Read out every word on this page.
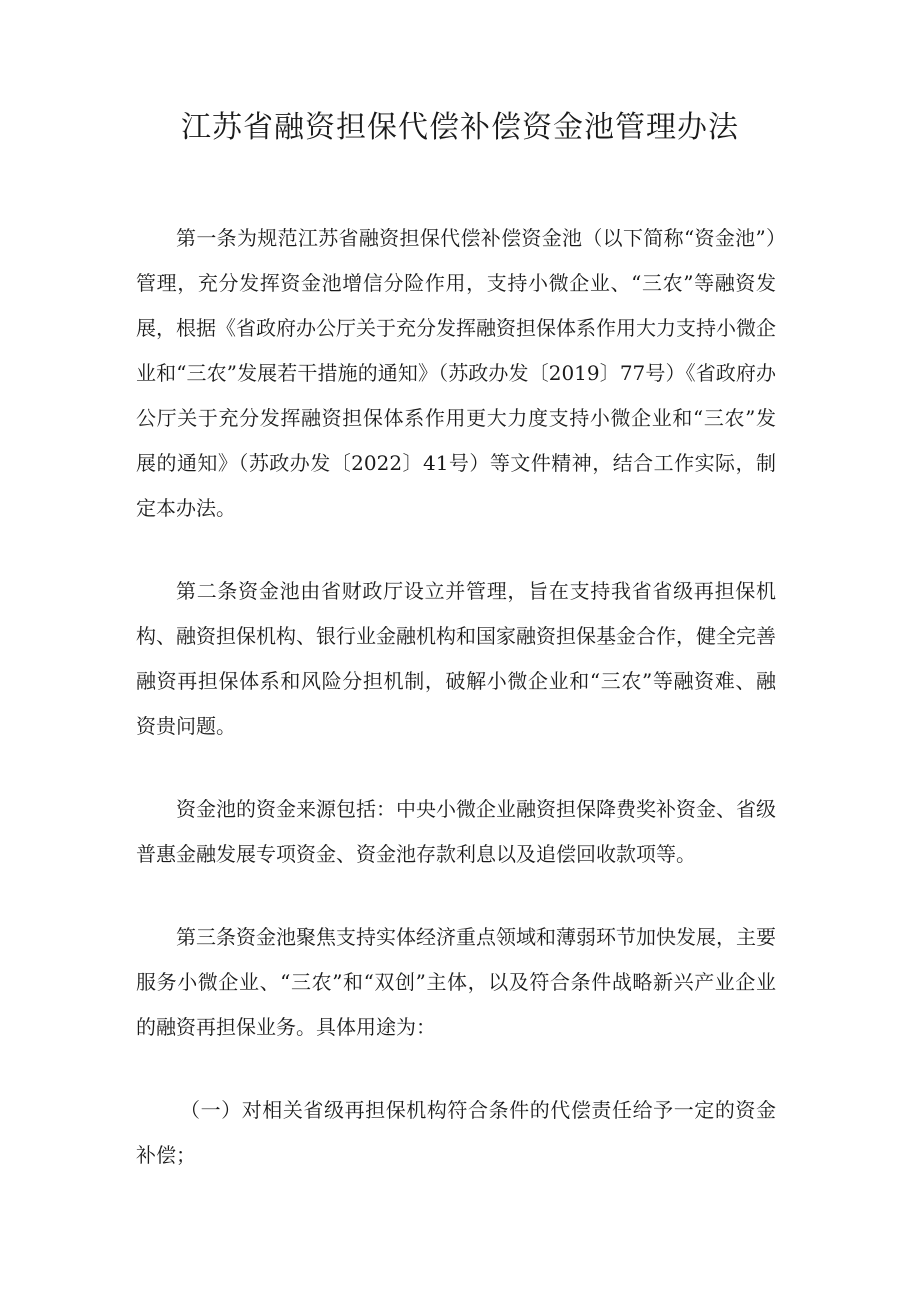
江苏省融资担保代偿补偿资金池管理办法

第一条为规范江苏省融资担保代偿补偿资金池（以下简称“资金池”）管理，充分发挥资金池增信分险作用，支持小微企业、“三农”等融资发展，根据《省政府办公厅关于充分发挥融资担保体系作用大力支持小微企业和“三农”发展若干措施的通知》（苏政办发〔2019〕77号）《省政府办公厅关于充分发挥融资担保体系作用更大力度支持小微企业和“三农”发展的通知》（苏政办发〔2022〕41号）等文件精神，结合工作实际，制定本办法。

第二条资金池由省财政厅设立并管理，旨在支持我省省级再担保机构、融资担保机构、银行业金融机构和国家融资担保基金合作，健全完善融资再担保体系和风险分担机制，破解小微企业和“三农”等融资难、融资贵问题。

资金池的资金来源包括：中央小微企业融资担保降费奖补资金、省级普惠金融发展专项资金、资金池存款利息以及追偿回收款项等。

第三条资金池聚焦支持实体经济重点领域和薄弱环节加快发展，主要服务小微企业、“三农”和“双创”主体，以及符合条件战略新兴产业企业的融资再担保业务。具体用途为：

（一）对相关省级再担保机构符合条件的代偿责任给予一定的资金补偿；
